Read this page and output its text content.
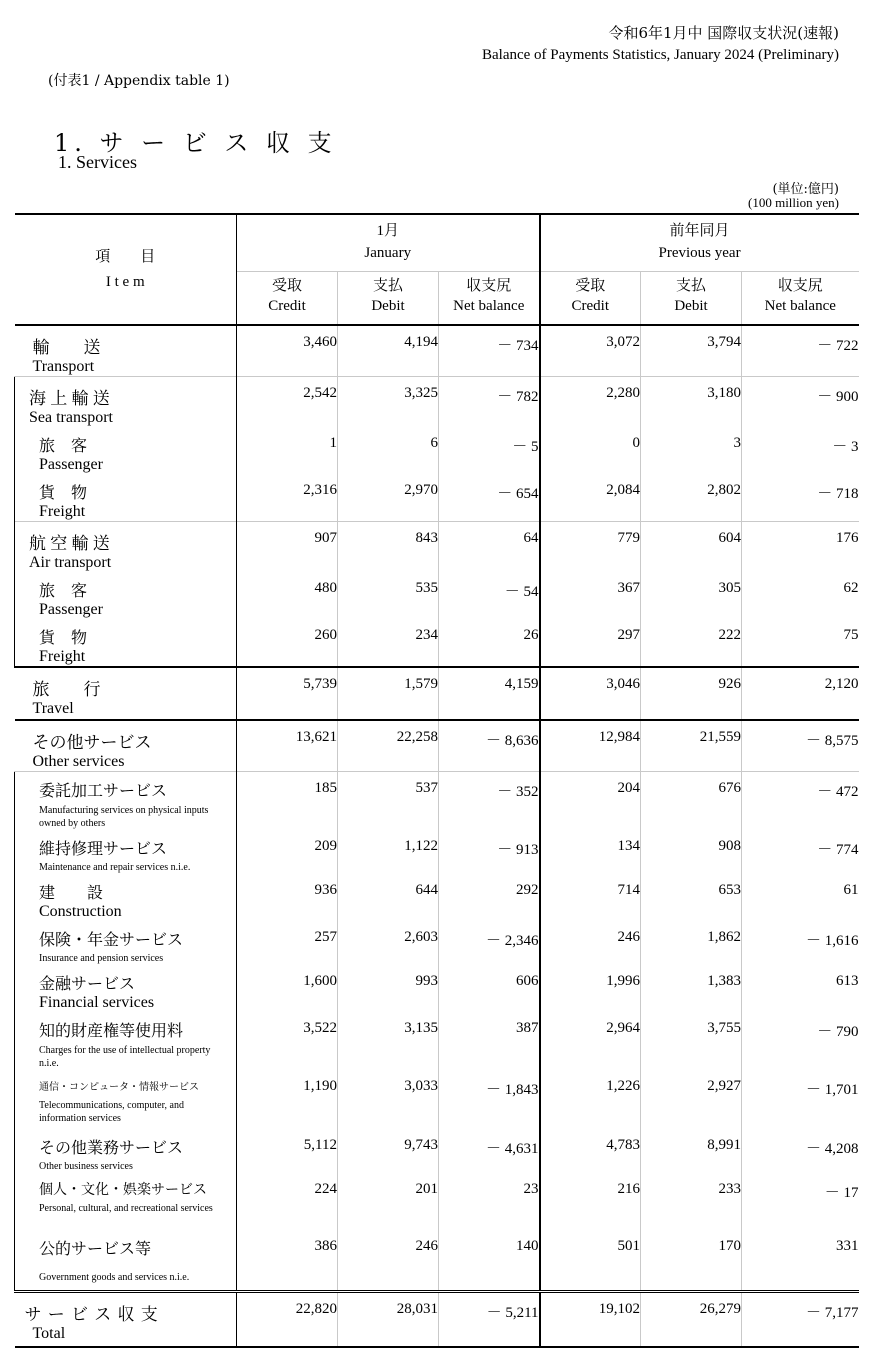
令和6年1月中 国際収支状況(速報)
Balance of Payments Statistics, January 2024 (Preliminary)
(付表1 / Appendix table 1)
1. サ ー ビ ス 収 支
1. Services
(単位:億円)
(100 million yen)
	1月			前年同月		
項　　目	January			Previous year		
I t e m	受取	支払	収支尻	受取	支払	収支尻
	Credit	Debit	Net balance	Credit	Debit	Net balance

輸　　送
Transport	3,460	4,194	－ 734	3,072	3,794	－ 722

海 上 輸 送
Sea transport	2,542	3,325	－ 782	2,280	3,180	－ 900

旅　客
Passenger	1	6	－ 5	0	3	－ 3

貨　物
Freight	2,316	2,970	－ 654	2,084	2,802	－ 718

航 空 輸 送
Air transport	907	843	64	779	604	176

旅　客
Passenger	480	535	－ 54	367	305	62

貨　物
Freight	260	234	26	297	222	75

旅　　行
Travel	5,739	1,579	4,159	3,046	926	2,120

その他サービス
Other services	13,621	22,258	－ 8,636	12,984	21,559	－ 8,575

委託加工サービス
Manufacturing services on physical inputs owned by others	185	537	－ 352	204	676	－ 472

維持修理サービス
Maintenance and repair services n.i.e.	209	1,122	－ 913	134	908	－ 774

建　　設
Construction	936	644	292	714	653	61

保険・年金サービス
Insurance and pension services	257	2,603	－ 2,346	246	1,862	－ 1,616

金融サービス
Financial services	1,600	993	606	1,996	1,383	613

知的財産権等使用料
Charges for the use of intellectual property n.i.e.	3,522	3,135	387	2,964	3,755	－ 790

通信・コンピュータ・情報サービス
Telecommunications, computer, and information services	1,190	3,033	－ 1,843	1,226	2,927	－ 1,701

その他業務サービス
Other business services	5,112	9,743	－ 4,631	4,783	8,991	－ 4,208

個人・文化・娯楽サービス
Personal, cultural, and recreational services	224	201	23	216	233	－ 17

公的サービス等
Government goods and services n.i.e.	386	246	140	501	170	331

サ ー ビ ス 収 支
Total	22,820	28,031	－ 5,211	19,102	26,279	－ 7,177
